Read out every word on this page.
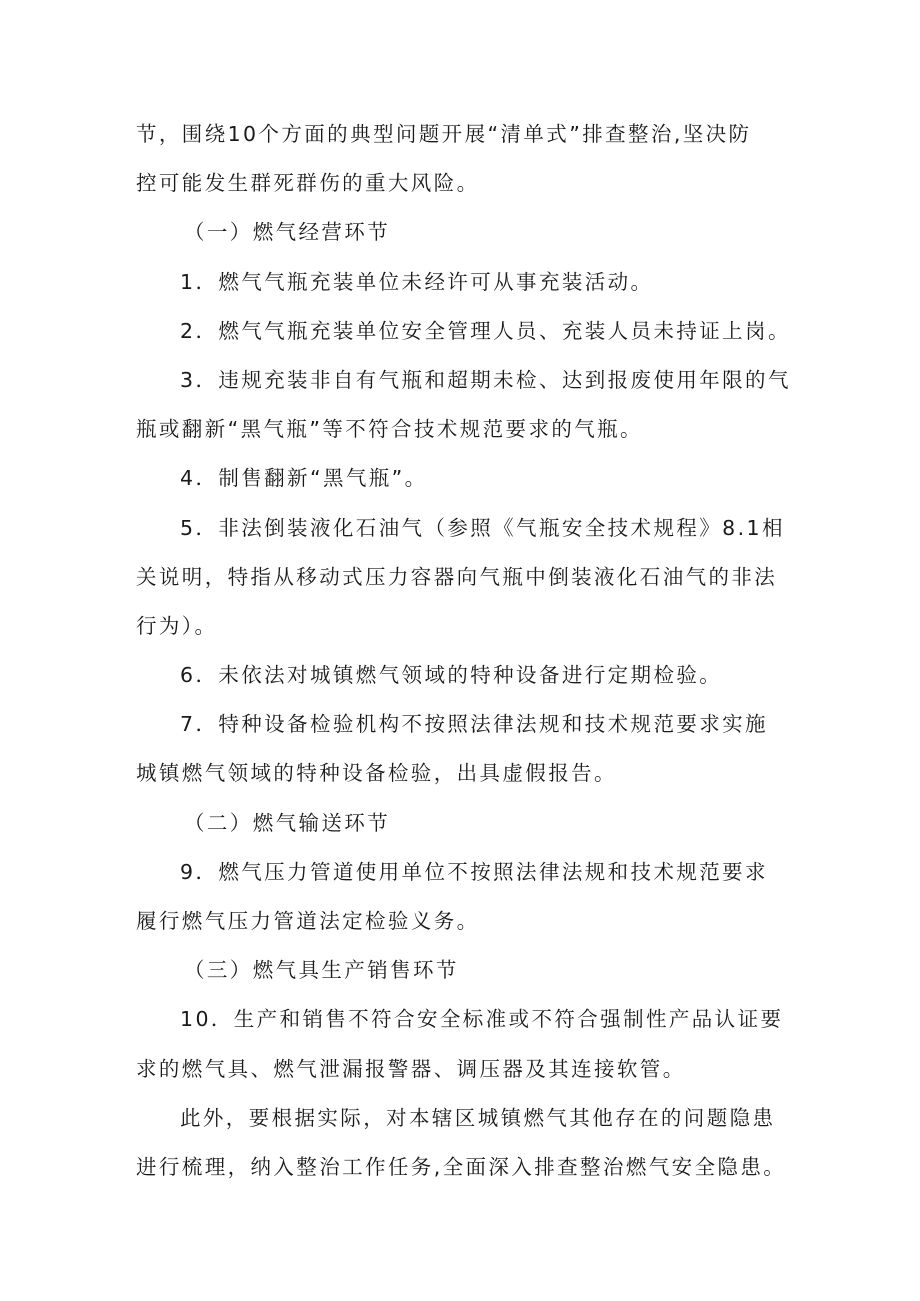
节，围绕10个方面的典型问题开展“清单式”排查整治,坚决防
控可能发生群死群伤的重大风险。
（一）燃气经营环节
1．燃气气瓶充装单位未经许可从事充装活动。
2．燃气气瓶充装单位安全管理人员、充装人员未持证上岗。
3．违规充装非自有气瓶和超期未检、达到报废使用年限的气
瓶或翻新“黑气瓶”等不符合技术规范要求的气瓶。
4．制售翻新“黑气瓶”。
5．非法倒装液化石油气（参照《气瓶安全技术规程》8.1相
关说明，特指从移动式压力容器向气瓶中倒装液化石油气的非法
行为）。
6．未依法对城镇燃气领域的特种设备进行定期检验。
7．特种设备检验机构不按照法律法规和技术规范要求实施
城镇燃气领域的特种设备检验，出具虚假报告。
（二）燃气输送环节
9．燃气压力管道使用单位不按照法律法规和技术规范要求
履行燃气压力管道法定检验义务。
（三）燃气具生产销售环节
10．生产和销售不符合安全标准或不符合强制性产品认证要
求的燃气具、燃气泄漏报警器、调压器及其连接软管。
此外，要根据实际，对本辖区城镇燃气其他存在的问题隐患
进行梳理，纳入整治工作任务,全面深入排查整治燃气安全隐患。
